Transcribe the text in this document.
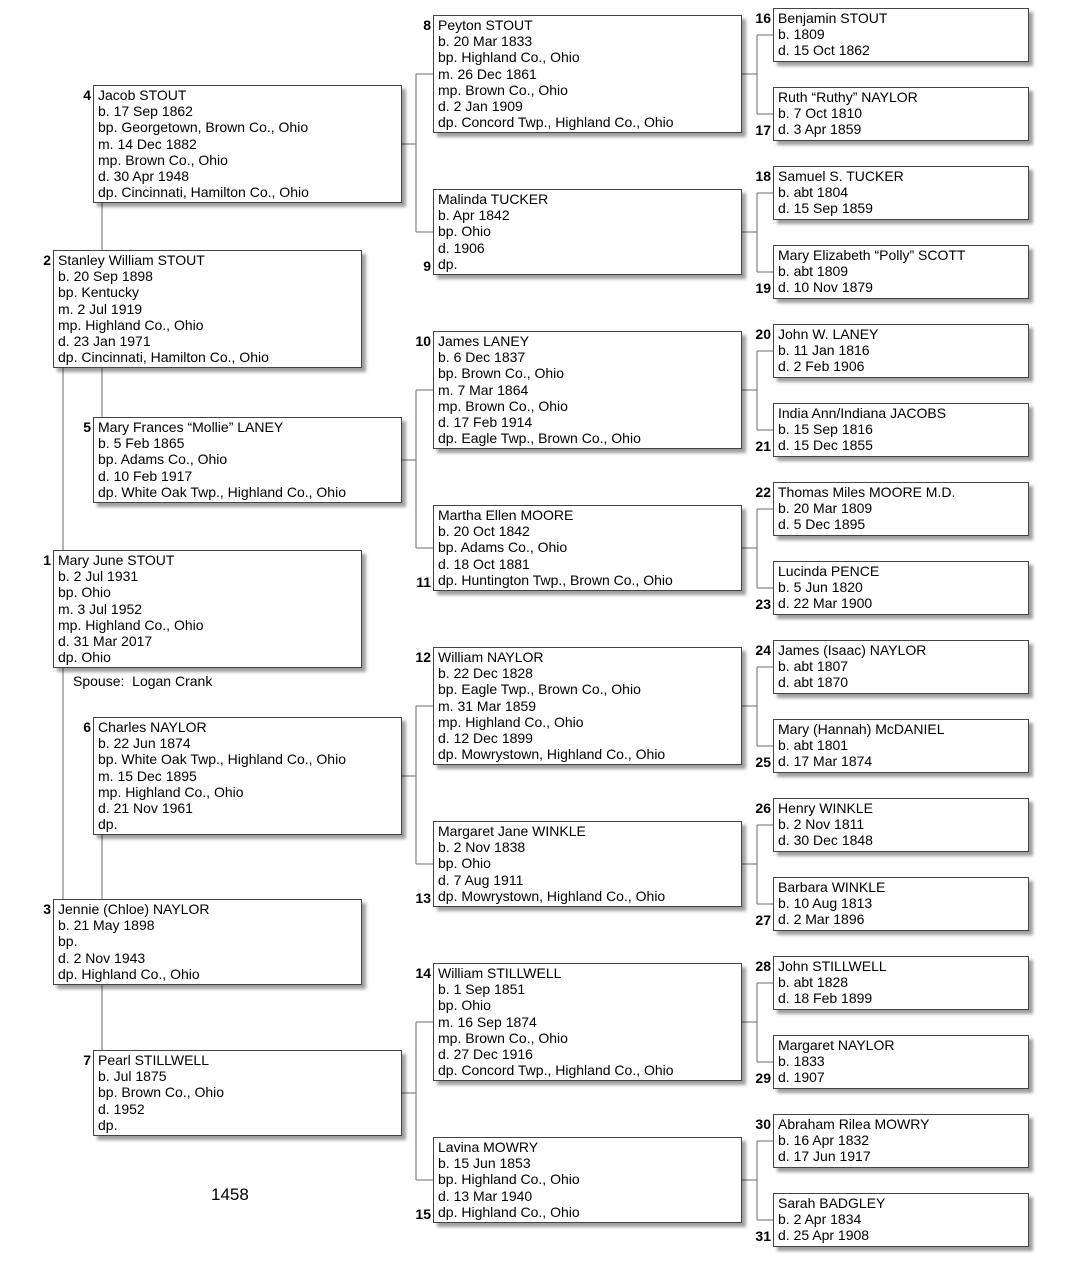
Mary June STOUT
b. 2 Jul 1931
bp. Ohio
m. 3 Jul 1952
mp. Highland Co., Ohio
d. 31 Mar 2017
dp. Ohio
Stanley William STOUT
b. 20 Sep 1898
bp. Kentucky
m. 2 Jul 1919
mp. Highland Co., Ohio
d. 23 Jan 1971
dp. Cincinnati, Hamilton Co., Ohio
Jennie (Chloe) NAYLOR
b. 21 May 1898
bp.
d. 2 Nov 1943
dp. Highland Co., Ohio
Jacob STOUT
b. 17 Sep 1862
bp. Georgetown, Brown Co., Ohio
m. 14 Dec 1882
mp. Brown Co., Ohio
d. 30 Apr 1948
dp. Cincinnati, Hamilton Co., Ohio
Mary Frances “Mollie” LANEY
b. 5 Feb 1865
bp. Adams Co., Ohio
d. 10 Feb 1917
dp. White Oak Twp., Highland Co., Ohio
Charles NAYLOR
b. 22 Jun 1874
bp. White Oak Twp., Highland Co., Ohio
m. 15 Dec 1895
mp. Highland Co., Ohio
d. 21 Nov 1961
dp.
Pearl STILLWELL
b. Jul 1875
bp. Brown Co., Ohio
d. 1952
dp.
Peyton STOUT
b. 20 Mar 1833
bp. Highland Co., Ohio
m. 26 Dec 1861
mp. Brown Co., Ohio
d. 2 Jan 1909
dp. Concord Twp., Highland Co., Ohio
Malinda TUCKER
b. Apr 1842
bp. Ohio
d. 1906
dp.
James LANEY
b. 6 Dec 1837
bp. Brown Co., Ohio
m. 7 Mar 1864
mp. Brown Co., Ohio
d. 17 Feb 1914
dp. Eagle Twp., Brown Co., Ohio
Martha Ellen MOORE
b. 20 Oct 1842
bp. Adams Co., Ohio
d. 18 Oct 1881
dp. Huntington Twp., Brown Co., Ohio
William NAYLOR
b. 22 Dec 1828
bp. Eagle Twp., Brown Co., Ohio
m. 31 Mar 1859
mp. Highland Co., Ohio
d. 12 Dec 1899
dp. Mowrystown, Highland Co., Ohio
Margaret Jane WINKLE
b. 2 Nov 1838
bp. Ohio
d. 7 Aug 1911
dp. Mowrystown, Highland Co., Ohio
William STILLWELL
b. 1 Sep 1851
bp. Ohio
m. 16 Sep 1874
mp. Brown Co., Ohio
d. 27 Dec 1916
dp. Concord Twp., Highland Co., Ohio
Lavina MOWRY
b. 15 Jun 1853
bp. Highland Co., Ohio
d. 13 Mar 1940
dp. Highland Co., Ohio
Benjamin STOUT
b. 1809
d. 15 Oct 1862
Ruth “Ruthy” NAYLOR
b. 7 Oct 1810
d. 3 Apr 1859
Samuel S. TUCKER
b. abt 1804
d. 15 Sep 1859
Mary Elizabeth “Polly” SCOTT
b. abt 1809
d. 10 Nov 1879
John W. LANEY
b. 11 Jan 1816
d. 2 Feb 1906
India Ann/Indiana JACOBS
b. 15 Sep 1816
d. 15 Dec 1855
Thomas Miles MOORE M.D.
b. 20 Mar 1809
d. 5 Dec 1895
Lucinda PENCE
b. 5 Jun 1820
d. 22 Mar 1900
James (Isaac) NAYLOR
b. abt 1807
d. abt 1870
Mary (Hannah) McDANIEL
b. abt 1801
d. 17 Mar 1874
Henry WINKLE
b. 2 Nov 1811
d. 30 Dec 1848
Barbara WINKLE
b. 10 Aug 1813
d. 2 Mar 1896
John STILLWELL
b. abt 1828
d. 18 Feb 1899
Margaret NAYLOR
b. 1833
d. 1907
Abraham Rilea MOWRY
b. 16 Apr 1832
d. 17 Jun 1917
Sarah BADGLEY
b. 2 Apr 1834
d. 25 Apr 1908
1
2
3
4
5
6
7
8
9
10
11
12
13
14
15
16
17
18
19
20
21
22
23
24
25
26
27
28
29
30
31
Spouse: Logan Crank
1458
